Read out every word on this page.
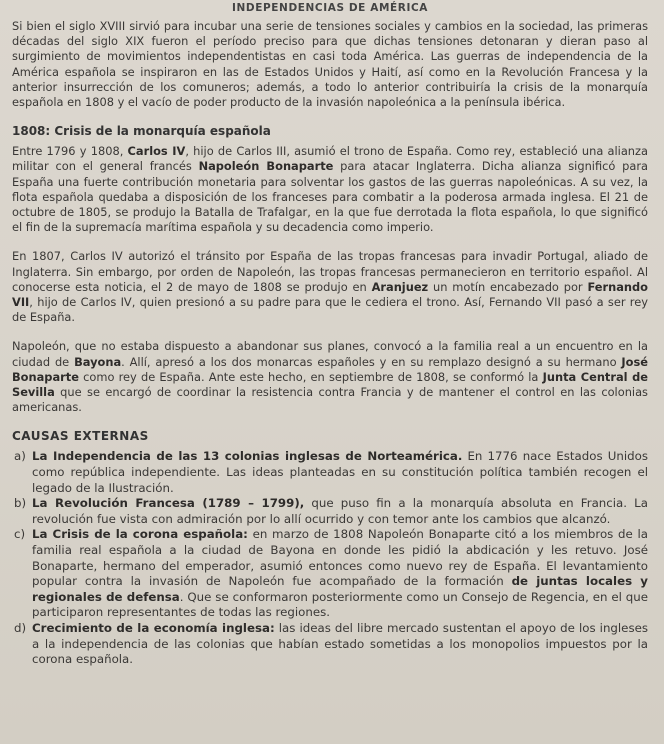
INDEPENDENCIAS DE AMÉRICA

Si bien el siglo XVIII sirvió para incubar una serie de tensiones sociales y cambios en la sociedad, las primeras décadas del siglo XIX fueron el período preciso para que dichas tensiones detonaran y dieran paso al surgimiento de movimientos independentistas en casi toda América. Las guerras de independencia de la América española se inspiraron en las de Estados Unidos y Haití, así como en la Revolución Francesa y la anterior insurrección de los comuneros; además, a todo lo anterior contribuiría la crisis de la monarquía española en 1808 y el vacío de poder producto de la invasión napoleónica a la península ibérica.

1808: Crisis de la monarquía española

Entre 1796 y 1808, Carlos IV, hijo de Carlos III, asumió el trono de España. Como rey, estableció una alianza militar con el general francés Napoleón Bonaparte para atacar Inglaterra. Dicha alianza significó para España una fuerte contribución monetaria para solventar los gastos de las guerras napoleónicas. A su vez, la flota española quedaba a disposición de los franceses para combatir a la poderosa armada inglesa. El 21 de octubre de 1805, se produjo la Batalla de Trafalgar, en la que fue derrotada la flota española, lo que significó el fin de la supremacía marítima española y su decadencia como imperio.

En 1807, Carlos IV autorizó el tránsito por España de las tropas francesas para invadir Portugal, aliado de Inglaterra. Sin embargo, por orden de Napoleón, las tropas francesas permanecieron en territorio español. Al conocerse esta noticia, el 2 de mayo de 1808 se produjo en Aranjuez un motín encabezado por Fernando VII, hijo de Carlos IV, quien presionó a su padre para que le cediera el trono. Así, Fernando VII pasó a ser rey de España.

Napoleón, que no estaba dispuesto a abandonar sus planes, convocó a la familia real a un encuentro en la ciudad de Bayona. Allí, apresó a los dos monarcas españoles y en su remplazo designó a su hermano José Bonaparte como rey de España. Ante este hecho, en septiembre de 1808, se conformó la Junta Central de Sevilla que se encargó de coordinar la resistencia contra Francia y de mantener el control en las colonias americanas.

CAUSAS EXTERNAS
a) La Independencia de las 13 colonias inglesas de Norteamérica. En 1776 nace Estados Unidos como república independiente. Las ideas planteadas en su constitución política también recogen el legado de la Ilustración.
b) La Revolución Francesa (1789 – 1799), que puso fin a la monarquía absoluta en Francia. La revolución fue vista con admiración por lo allí ocurrido y con temor ante los cambios que alcanzó.
c) La Crisis de la corona española: en marzo de 1808 Napoleón Bonaparte citó a los miembros de la familia real española a la ciudad de Bayona en donde les pidió la abdicación y les retuvo. José Bonaparte, hermano del emperador, asumió entonces como nuevo rey de España. El levantamiento popular contra la invasión de Napoleón fue acompañado de la formación de juntas locales y regionales de defensa. Que se conformaron posteriormente como un Consejo de Regencia, en el que participaron representantes de todas las regiones.
d) Crecimiento de la economía inglesa: las ideas del libre mercado sustentan el apoyo de los ingleses a la independencia de las colonias que habían estado sometidas a los monopolios impuestos por la corona española.
